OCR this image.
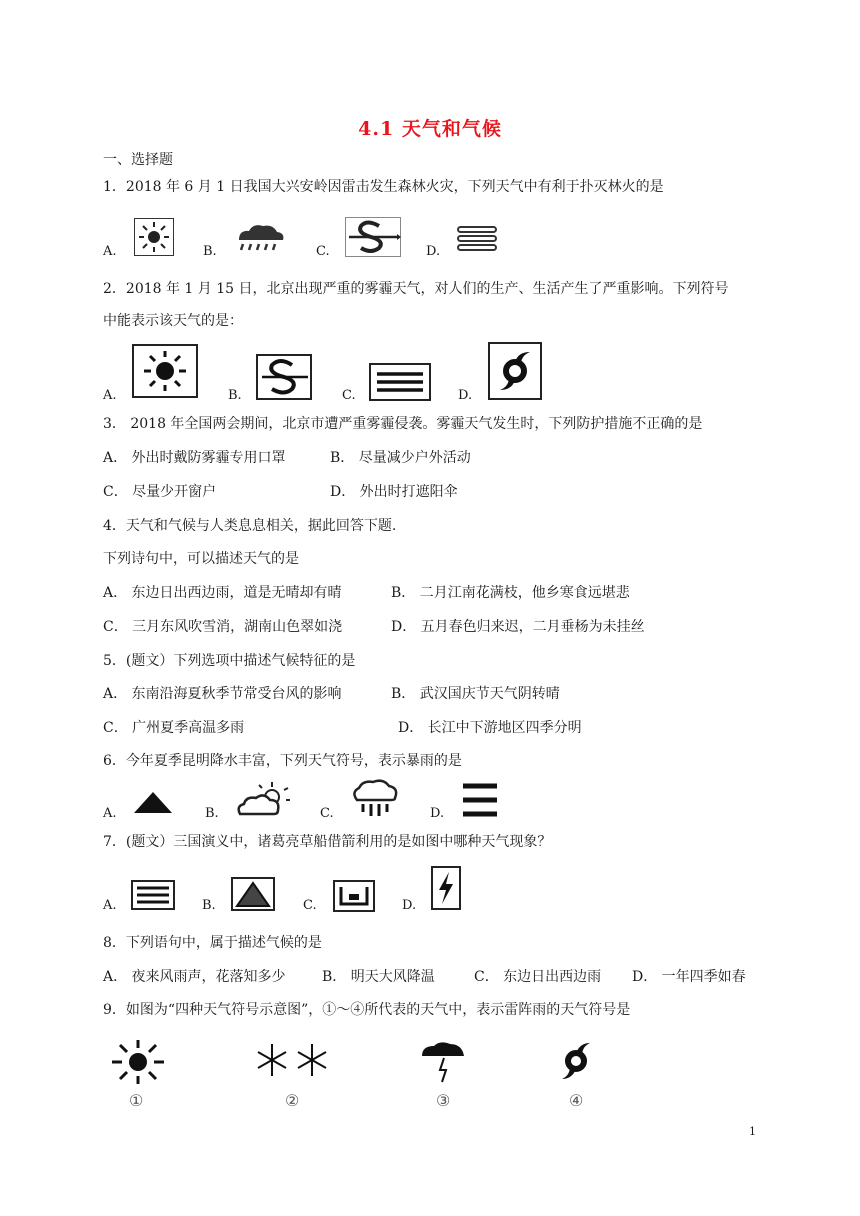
4.1 天气和气候
一、选择题
1．2018 年 6 月 1 日我国大兴安岭因雷击发生森林火灾，下列天气中有利于扑灭林火的是
A.	B.	C.	D.
2．2018 年 1 月 15 日，北京出现严重的雾霾天气，对人们的生产、生活产生了严重影响。下列符号
中能表示该天气的是：
A.	B.	C.	D.
3． 2018 年全国两会期间，北京市遭严重雾霾侵袭。雾霾天气发生时，下列防护措施不正确的是
A． 外出时戴防雾霾专用口罩	B． 尽量减少户外活动
C． 尽量少开窗户	D． 外出时打遮阳伞
4．天气和气候与人类息息相关，据此回答下题.
下列诗句中，可以描述天气的是
A． 东边日出西边雨，道是无晴却有晴	B． 二月江南花满枝，他乡寒食远堪悲
C． 三月东风吹雪消，湖南山色翠如浇	D． 五月春色归来迟，二月垂杨为未挂丝
5．(题文）下列选项中描述气候特征的是
A． 东南沿海夏秋季节常受台风的影响	B． 武汉国庆节天气阴转晴
C． 广州夏季高温多雨	D． 长江中下游地区四季分明
6．今年夏季昆明降水丰富，下列天气符号，表示暴雨的是
A.	B.	C.	D.
7．(题文）三国演义中，诸葛亮草船借箭利用的是如图中哪种天气现象？
A.	B.	C.	D.
8．下列语句中，属于描述气候的是
A． 夜来风雨声，花落知多少	B． 明天大风降温	C． 东边日出西边雨 D． 一年四季如春
9．如图为“四种天气符号示意图”，①～④所代表的天气中，表示雷阵雨的天气符号是
①	②	③	④
1
